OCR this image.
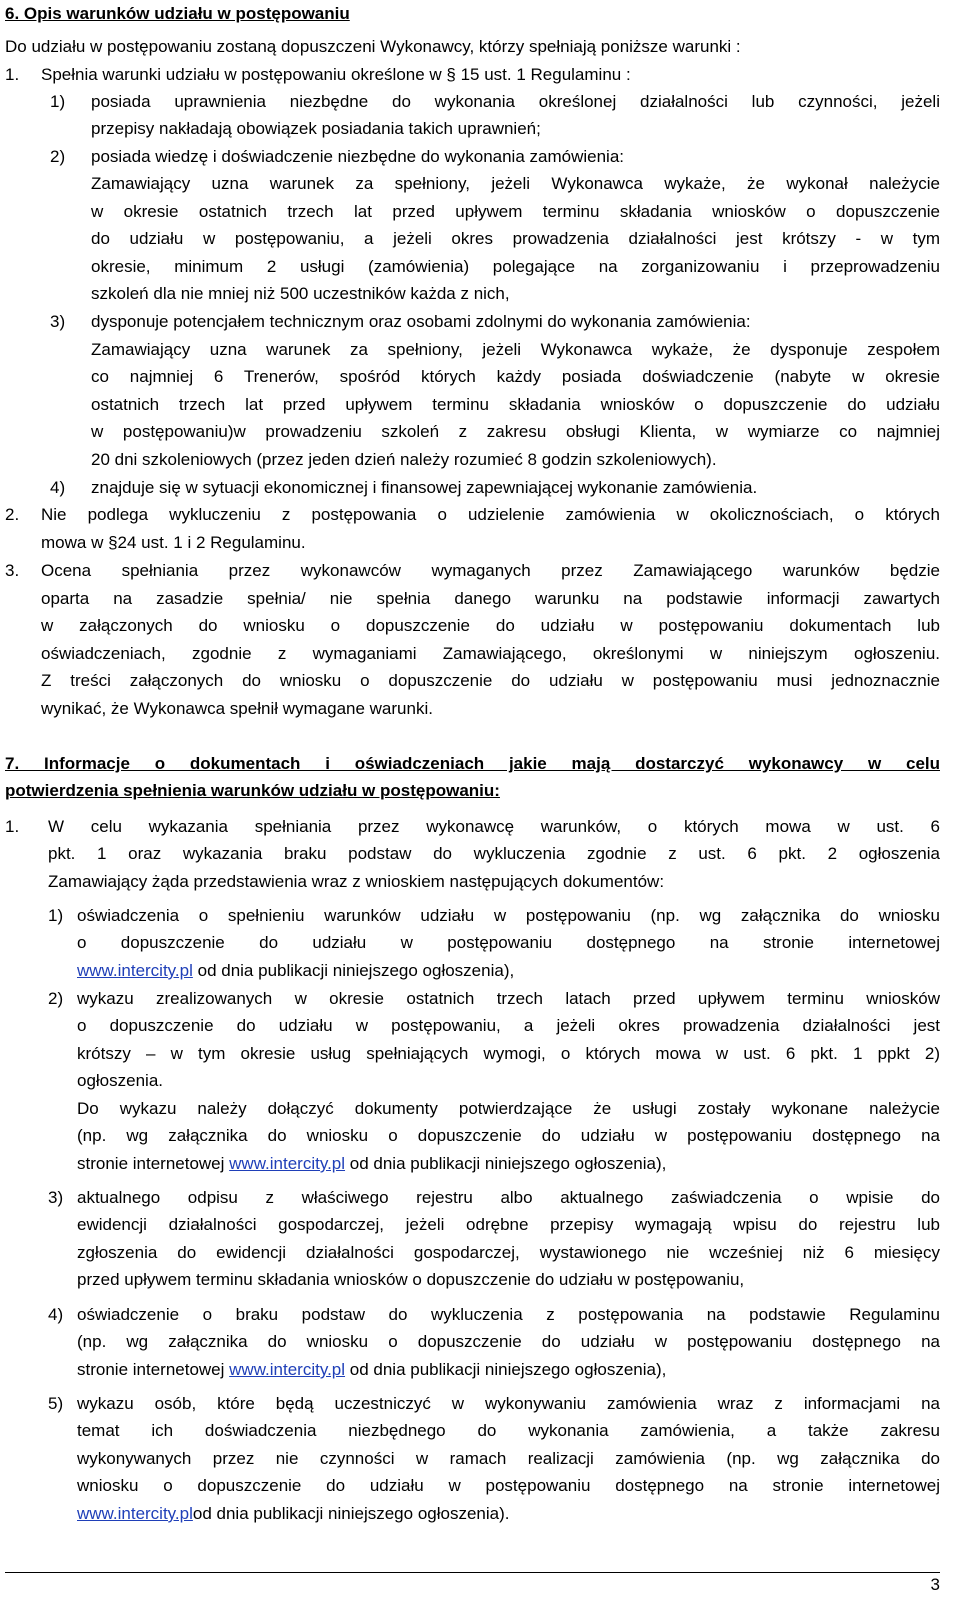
6. Opis warunków udziału w postępowaniu
Do udziału w postępowaniu zostaną dopuszczeni Wykonawcy, którzy spełniają poniższe warunki :
1. Spełnia warunki udziału w postępowaniu określone w § 15 ust. 1 Regulaminu :
1) posiada uprawnienia niezbędne do wykonania określonej działalności lub czynności, jeżeli
przepisy nakładają obowiązek posiadania takich uprawnień;
2) posiada wiedzę i doświadczenie niezbędne do wykonania zamówienia:
Zamawiający uzna warunek za spełniony, jeżeli Wykonawca wykaże, że wykonał należycie
w okresie ostatnich trzech lat przed upływem terminu składania wniosków o dopuszczenie
do udziału w postępowaniu, a jeżeli okres prowadzenia działalności jest krótszy - w tym
okresie, minimum 2 usługi (zamówienia) polegające na zorganizowaniu i przeprowadzeniu
szkoleń dla nie mniej niż 500 uczestników każda z nich,
3) dysponuje potencjałem technicznym oraz osobami zdolnymi do wykonania zamówienia:
Zamawiający uzna warunek za spełniony, jeżeli Wykonawca wykaże, że dysponuje zespołem
co najmniej 6 Trenerów, spośród których każdy posiada doświadczenie (nabyte w okresie
ostatnich trzech lat przed upływem terminu składania wniosków o dopuszczenie do udziału
w postępowaniu)w prowadzeniu szkoleń z zakresu obsługi Klienta, w wymiarze co najmniej
20 dni szkoleniowych (przez jeden dzień należy rozumieć 8 godzin szkoleniowych).
4) znajduje się w sytuacji ekonomicznej i finansowej zapewniającej wykonanie zamówienia.
2. Nie podlega wykluczeniu z postępowania o udzielenie zamówienia w okolicznościach, o których
mowa w §24 ust. 1 i 2 Regulaminu.
3. Ocena spełniania przez wykonawców wymaganych przez Zamawiającego warunków będzie
oparta na zasadzie spełnia/ nie spełnia danego warunku na podstawie informacji zawartych
w załączonych do wniosku o dopuszczenie do udziału w postępowaniu dokumentach lub
oświadczeniach, zgodnie z wymaganiami Zamawiającego, określonymi w niniejszym ogłoszeniu.
Z treści załączonych do wniosku o dopuszczenie do udziału w postępowaniu musi jednoznacznie
wynikać, że Wykonawca spełnił wymagane warunki.
7. Informacje o dokumentach i oświadczeniach jakie mają dostarczyć wykonawcy w celu
potwierdzenia spełnienia warunków udziału w postępowaniu:
1. W celu wykazania spełniania przez wykonawcę warunków, o których mowa w ust. 6
pkt. 1 oraz wykazania braku podstaw do wykluczenia zgodnie z ust. 6 pkt. 2 ogłoszenia
Zamawiający żąda przedstawienia wraz z wnioskiem następujących dokumentów:
1) oświadczenia o spełnieniu warunków udziału w postępowaniu (np. wg załącznika do wniosku
o dopuszczenie do udziału w postępowaniu dostępnego na stronie internetowej
www.intercity.pl od dnia publikacji niniejszego ogłoszenia),
2) wykazu zrealizowanych w okresie ostatnich trzech latach przed upływem terminu wniosków
o dopuszczenie do udziału w postępowaniu, a jeżeli okres prowadzenia działalności jest
krótszy – w tym okresie usług spełniających wymogi, o których mowa w ust. 6 pkt. 1 ppkt 2)
ogłoszenia.
Do wykazu należy dołączyć dokumenty potwierdzające że usługi zostały wykonane należycie
(np. wg załącznika do wniosku o dopuszczenie do udziału w postępowaniu dostępnego na
stronie internetowej www.intercity.pl od dnia publikacji niniejszego ogłoszenia),
3) aktualnego odpisu z właściwego rejestru albo aktualnego zaświadczenia o wpisie do
ewidencji działalności gospodarczej, jeżeli odrębne przepisy wymagają wpisu do rejestru lub
zgłoszenia do ewidencji działalności gospodarczej, wystawionego nie wcześniej niż 6 miesięcy
przed upływem terminu składania wniosków o dopuszczenie do udziału w postępowaniu,
4) oświadczenie o braku podstaw do wykluczenia z postępowania na podstawie Regulaminu
(np. wg załącznika do wniosku o dopuszczenie do udziału w postępowaniu dostępnego na
stronie internetowej www.intercity.pl od dnia publikacji niniejszego ogłoszenia),
5) wykazu osób, które będą uczestniczyć w wykonywaniu zamówienia wraz z informacjami na
temat ich doświadczenia niezbędnego do wykonania zamówienia, a także zakresu
wykonywanych przez nie czynności w ramach realizacji zamówienia (np. wg załącznika do
wniosku o dopuszczenie do udziału w postępowaniu dostępnego na stronie internetowej
www.intercity.plod dnia publikacji niniejszego ogłoszenia).
3
